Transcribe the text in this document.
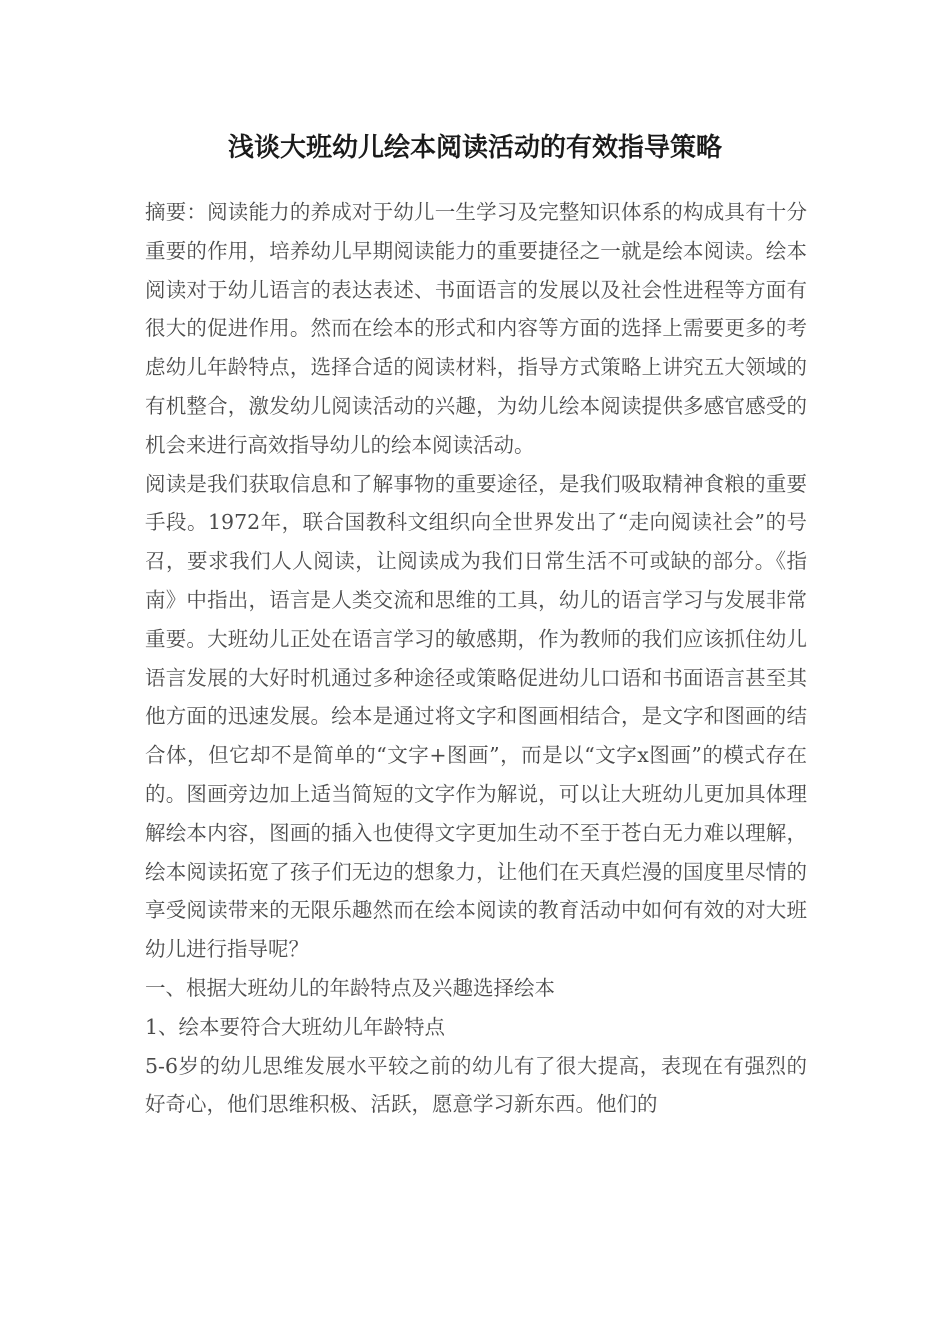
浅谈大班幼儿绘本阅读活动的有效指导策略

摘要：阅读能力的养成对于幼儿一生学习及完整知识体系的构成具有十分重要的作用，培养幼儿早期阅读能力的重要捷径之一就是绘本阅读。绘本阅读对于幼儿语言的表达表述、书面语言的发展以及社会性进程等方面有很大的促进作用。然而在绘本的形式和内容等方面的选择上需要更多的考虑幼儿年龄特点，选择合适的阅读材料，指导方式策略上讲究五大领域的有机整合，激发幼儿阅读活动的兴趣，为幼儿绘本阅读提供多感官感受的机会来进行高效指导幼儿的绘本阅读活动。

阅读是我们获取信息和了解事物的重要途径，是我们吸取精神食粮的重要手段。1972年，联合国教科文组织向全世界发出了“走向阅读社会”的号召，要求我们人人阅读，让阅读成为我们日常生活不可或缺的部分。《指南》中指出，语言是人类交流和思维的工具，幼儿的语言学习与发展非常重要。大班幼儿正处在语言学习的敏感期，作为教师的我们应该抓住幼儿语言发展的大好时机通过多种途径或策略促进幼儿口语和书面语言甚至其他方面的迅速发展。绘本是通过将文字和图画相结合，是文字和图画的结合体，但它却不是简单的“文字+图画”，而是以“文字x图画”的模式存在的。图画旁边加上适当简短的文字作为解说，可以让大班幼儿更加具体理解绘本内容，图画的插入也使得文字更加生动不至于苍白无力难以理解，绘本阅读拓宽了孩子们无边的想象力，让他们在天真烂漫的国度里尽情的享受阅读带来的无限乐趣然而在绘本阅读的教育活动中如何有效的对大班幼儿进行指导呢？

一、根据大班幼儿的年龄特点及兴趣选择绘本

1、绘本要符合大班幼儿年龄特点

5-6岁的幼儿思维发展水平较之前的幼儿有了很大提高，表现在有强烈的好奇心，他们思维积极、活跃，愿意学习新东西。他们的
